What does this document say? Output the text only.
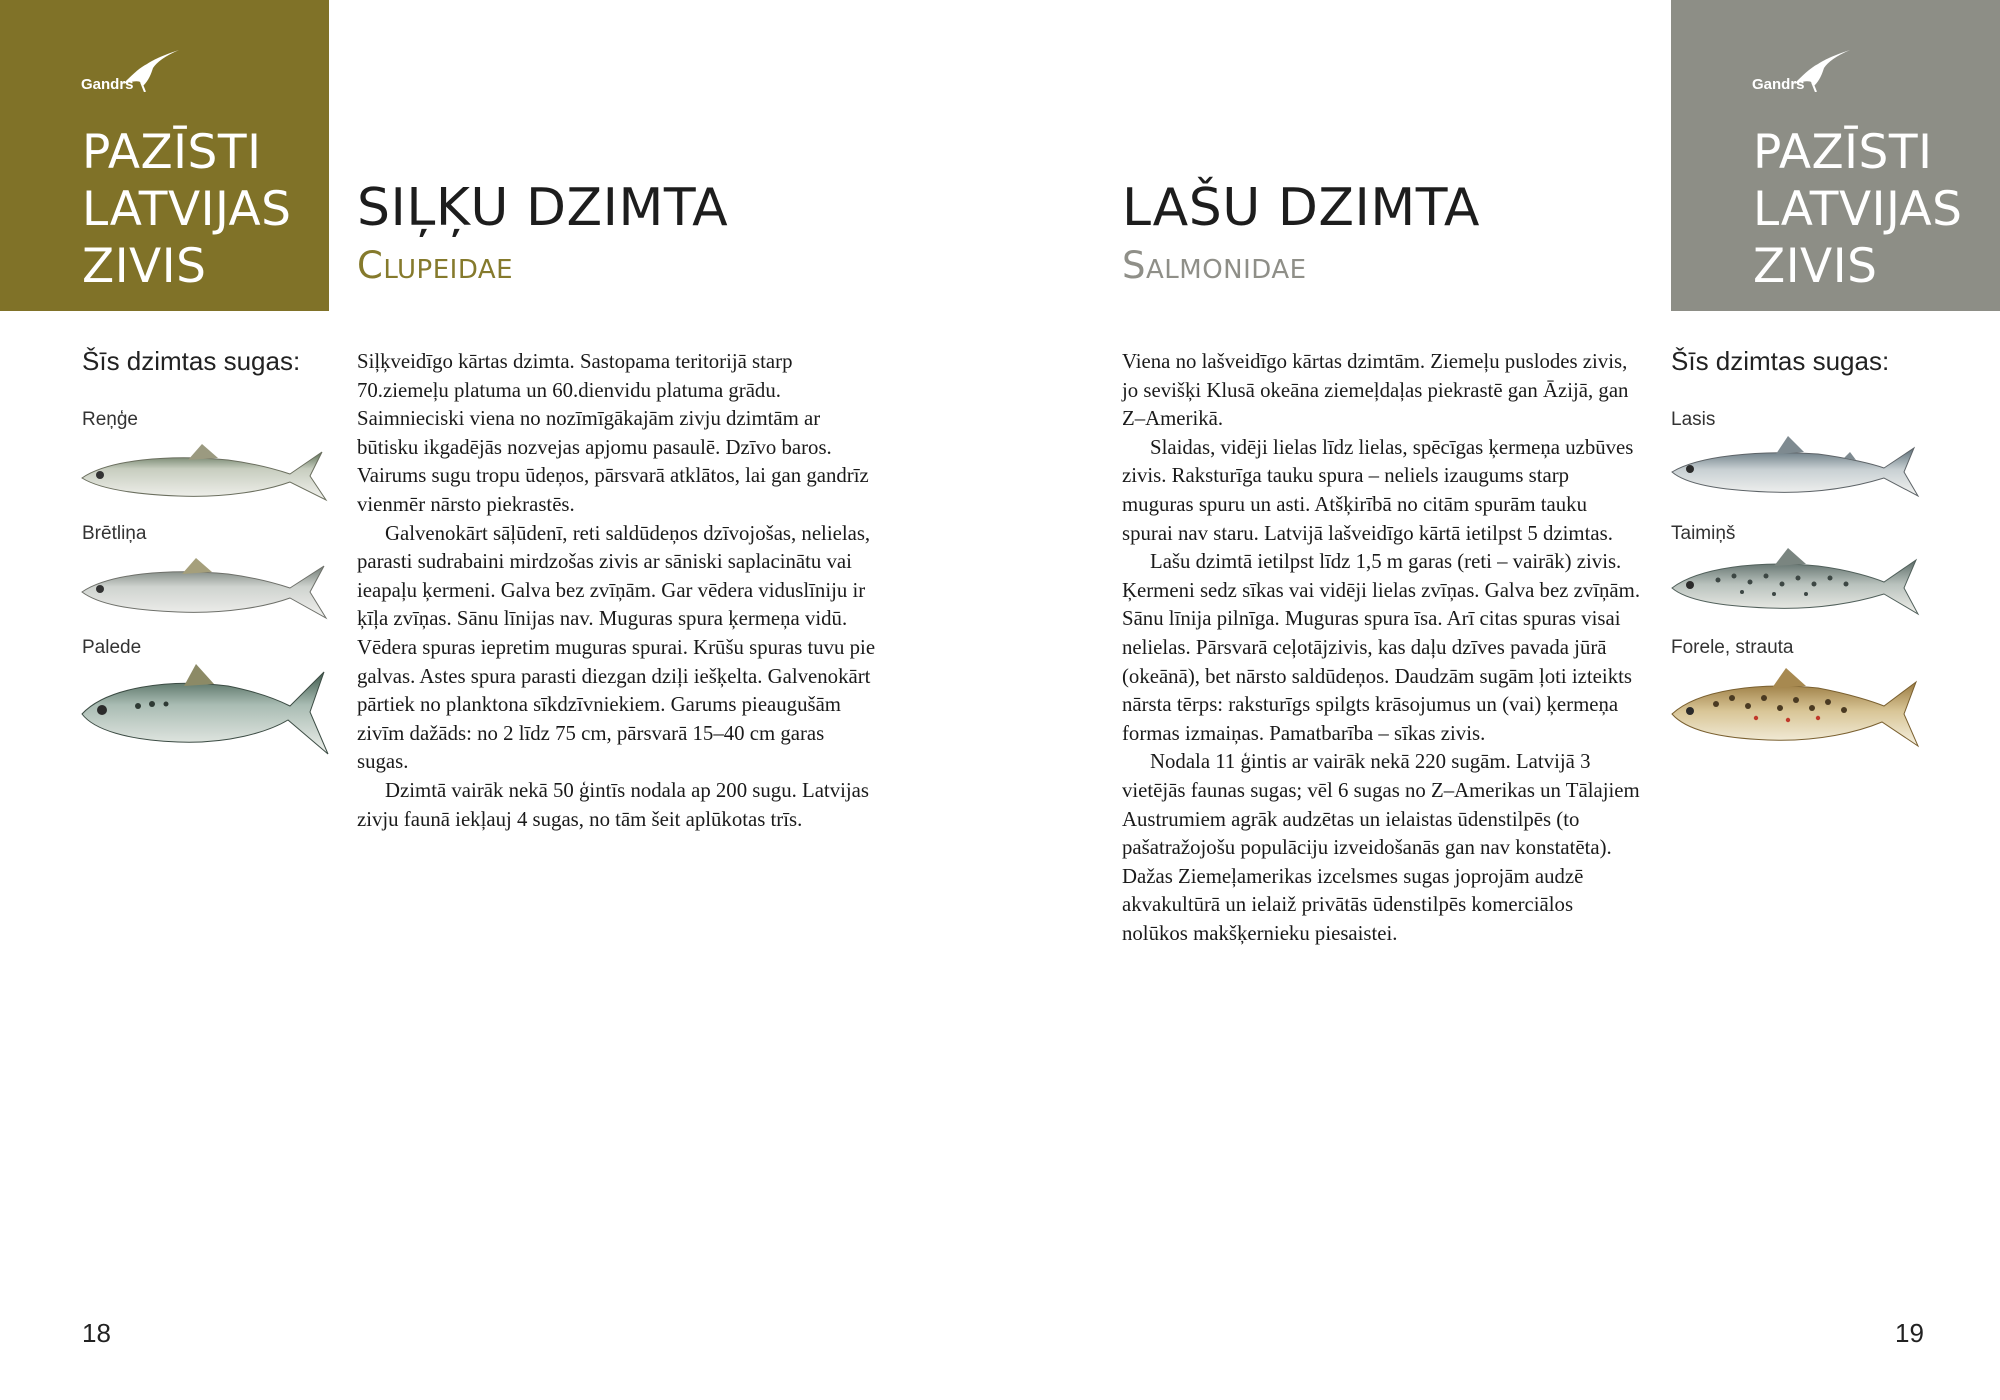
Gandrs
PAZĪSTI
LATVIJAS
ZIVIS
SIĻĶU DZIMTA
Clupeidae
Šīs dzimtas sugas:
Reņģe
Brētliņa
Palede

Siļķveidīgo kārtas dzimta. Sastopama teritorijā starp 70.ziemeļu platuma un 60.dienvidu platuma grādu. Saimnieciski viena no nozīmīgākajām zivju dzimtām ar būtisku ikgadējās nozvejas apjomu pasaulē. Dzīvo baros. Vairums sugu tropu ūdeņos, pārsvarā atklātos, lai gan gandrīz vienmēr nārsto piekrastēs.

Galvenokārt sāļūdenī, reti saldūdeņos dzīvojošas, nelielas, parasti sudrabaini mirdzošas zivis ar sāniski saplacinātu vai ieapaļu ķermeni. Galva bez zvīņām. Gar vēdera viduslīniju ir ķīļa zvīņas. Sānu līnijas nav. Muguras spura ķermeņa vidū. Vēdera spuras iepretim muguras spurai. Krūšu spuras tuvu pie galvas. Astes spura parasti diezgan dziļi iešķelta. Galvenokārt pārtiek no planktona sīkdzīvniekiem. Garums pieaugušām zivīm dažāds: no 2 līdz 75 cm, pārsvarā 15–40 cm garas sugas.

Dzimtā vairāk nekā 50 ģintīs nodala ap 200 sugu. Latvijas zivju faunā iekļauj 4 sugas, no tām šeit aplūkotas trīs.

18
LAŠU DZIMTA
Salmonidae

Viena no lašveidīgo kārtas dzimtām. Ziemeļu puslodes zivis, jo sevišķi Klusā okeāna ziemeļdaļas piekrastē gan Āzijā, gan Z–Amerikā.

Slaidas, vidēji lielas līdz lielas, spēcīgas ķermeņa uzbūves zivis. Raksturīga tauku spura – neliels izaugums starp muguras spuru un asti. Atšķirībā no citām spurām tauku spurai nav staru. Latvijā lašveidīgo kārtā ietilpst 5 dzimtas.

Lašu dzimtā ietilpst līdz 1,5 m garas (reti – vairāk) zivis. Ķermeni sedz sīkas vai vidēji lielas zvīņas. Galva bez zvīņām. Sānu līnija pilnīga. Muguras spura īsa. Arī citas spuras visai nelielas. Pārsvarā ceļotājzivis, kas daļu dzīves pavada jūrā (okeānā), bet nārsto saldūdeņos. Daudzām sugām ļoti izteikts nārsta tērps: raksturīgs spilgts krāsojumus un (vai) ķermeņa formas izmaiņas. Pamatbarība – sīkas zivis.

Nodala 11 ģintis ar vairāk nekā 220 sugām. Latvijā 3 vietējās faunas sugas; vēl 6 sugas no Z–Amerikas un Tālajiem Austrumiem agrāk audzētas un ielaistas ūdenstilpēs (to pašatražojošu populāciju izveidošanās gan nav konstatēta). Dažas Ziemeļamerikas izcelsmes sugas joprojām audzē akvakultūrā un ielaiž privātās ūdenstilpēs komerciālos nolūkos makšķernieku piesaistei.

Gandrs
PAZĪSTI
LATVIJAS
ZIVIS
Šīs dzimtas sugas:
Lasis
Taimiņš
Forele, strauta
19
